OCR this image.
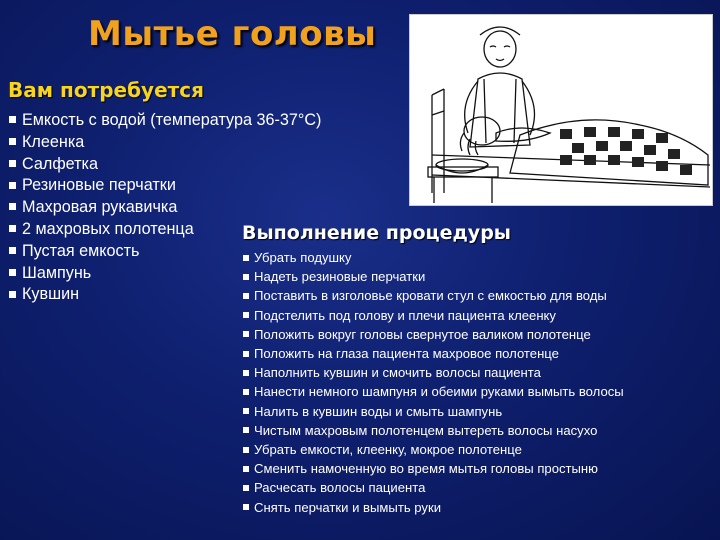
Мытье головы
Вам потребуется
Емкость с водой (температура 36-37°С)
Клеенка
Салфетка
Резиновые перчатки
Махровая рукавичка
2 махровых полотенца
Пустая емкость
Шампунь
Кувшин
Выполнение процедуры
Убрать подушку
Надеть резиновые перчатки
Поставить в изголовье кровати стул с емкостью для воды
Подстелить под голову и плечи пациента клеенку
Положить вокруг головы свернутое валиком полотенце
Положить на глаза пациента махровое полотенце
Наполнить кувшин и смочить волосы пациента
Нанести немного шампуня и обеими руками вымыть волосы
Налить в кувшин воды и смыть шампунь
Чистым махровым полотенцем вытереть волосы насухо
Убрать емкости, клеенку, мокрое полотенце
Сменить намоченную во время мытья головы простыню
Расчесать волосы пациента
Снять перчатки и вымыть руки
